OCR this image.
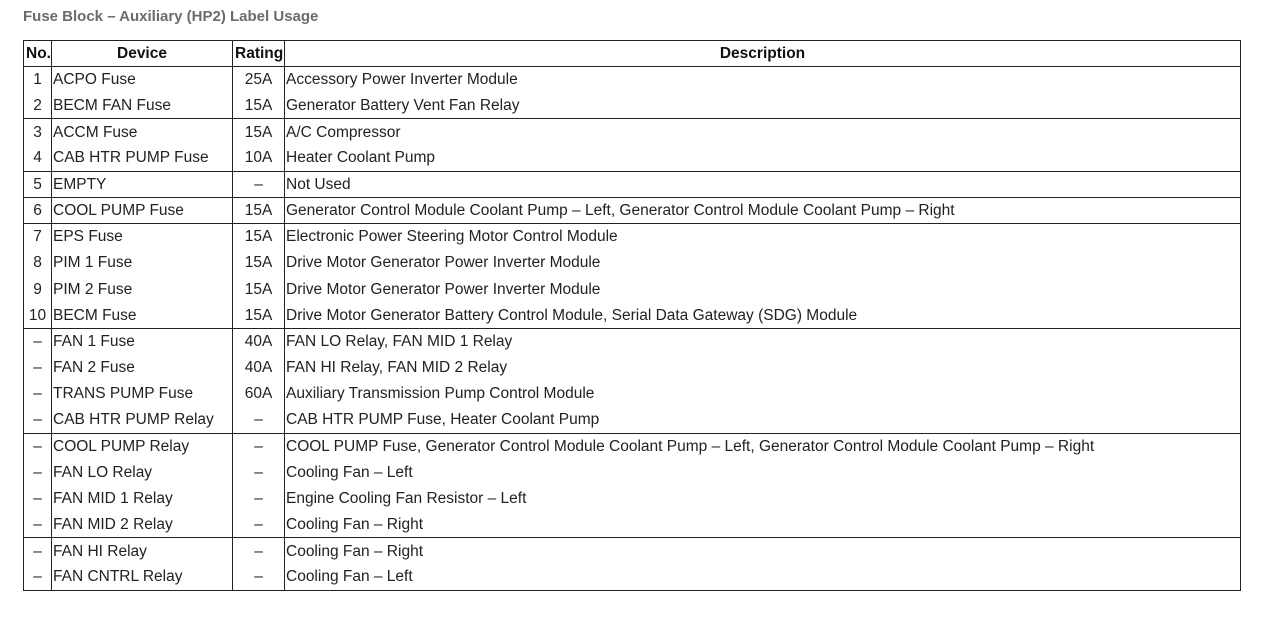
Fuse Block – Auxiliary (HP2) Label Usage
No.	Device	Rating	Description
1	ACPO Fuse	25A	Accessory Power Inverter Module
2	BECM FAN Fuse	15A	Generator Battery Vent Fan Relay
3	ACCM Fuse	15A	A/C Compressor
4	CAB HTR PUMP Fuse	10A	Heater Coolant Pump
5	EMPTY	–	Not Used
6	COOL PUMP Fuse	15A	Generator Control Module Coolant Pump – Left, Generator Control Module Coolant Pump – Right
7	EPS Fuse	15A	Electronic Power Steering Motor Control Module
8	PIM 1 Fuse	15A	Drive Motor Generator Power Inverter Module
9	PIM 2 Fuse	15A	Drive Motor Generator Power Inverter Module
10	BECM Fuse	15A	Drive Motor Generator Battery Control Module, Serial Data Gateway (SDG) Module
–	FAN 1 Fuse	40A	FAN LO Relay, FAN MID 1 Relay
–	FAN 2 Fuse	40A	FAN HI Relay, FAN MID 2 Relay
–	TRANS PUMP Fuse	60A	Auxiliary Transmission Pump Control Module
–	CAB HTR PUMP Relay	–	CAB HTR PUMP Fuse, Heater Coolant Pump
–	COOL PUMP Relay	–	COOL PUMP Fuse, Generator Control Module Coolant Pump – Left, Generator Control Module Coolant Pump – Right
–	FAN LO Relay	–	Cooling Fan – Left
–	FAN MID 1 Relay	–	Engine Cooling Fan Resistor – Left
–	FAN MID 2 Relay	–	Cooling Fan – Right
–	FAN HI Relay	–	Cooling Fan – Right
–	FAN CNTRL Relay	–	Cooling Fan – Left
